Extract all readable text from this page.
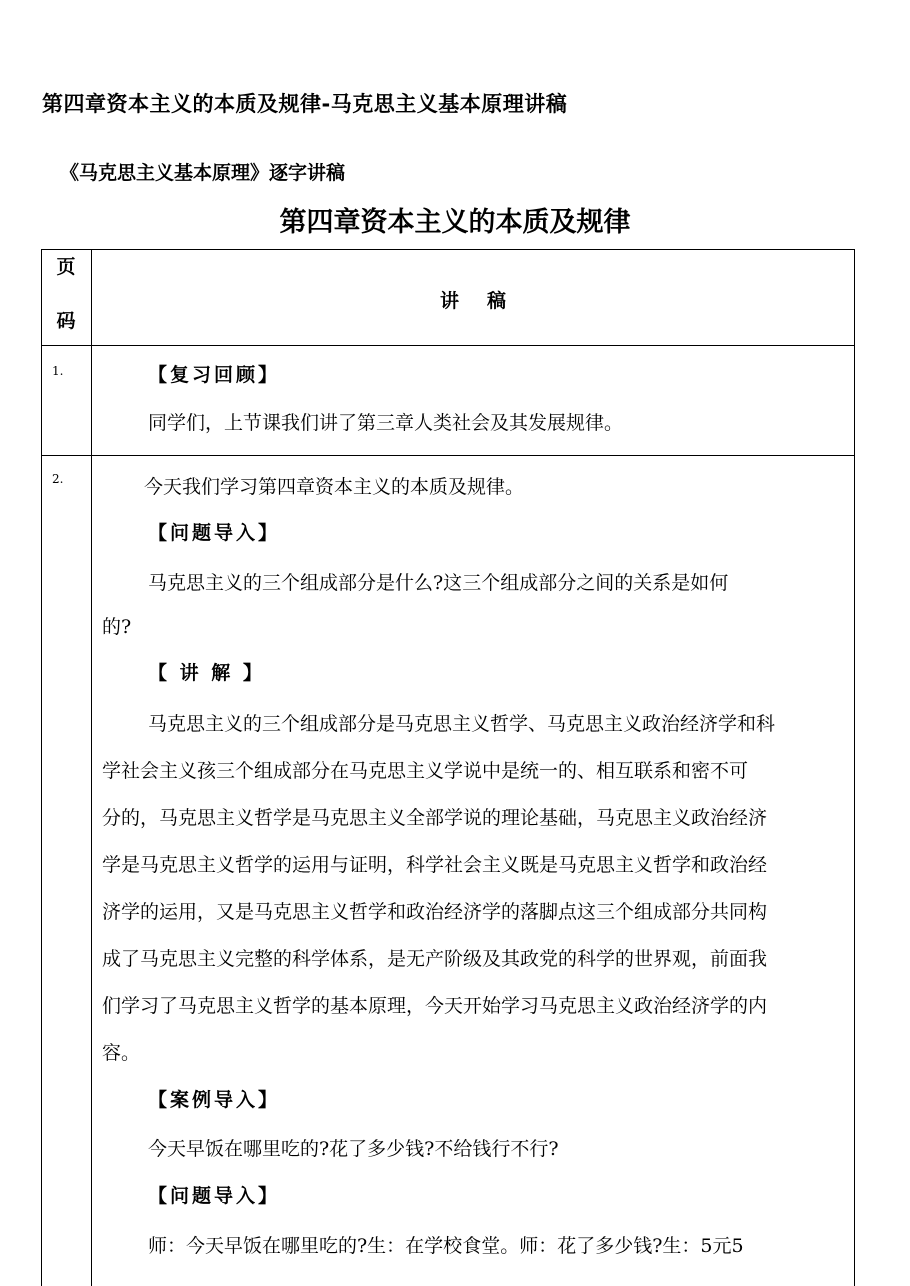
第四章资本主义的本质及规律-马克思主义基本原理讲稿
《马克思主义基本原理》逐字讲稿
第四章资本主义的本质及规律
页
码
讲稿
1.	【复习回顾】
同学们，上节课我们讲了第三章人类社会及其发展规律。
2.	今天我们学习第四章资本主义的本质及规律。
【问题导入】
马克思主义的三个组成部分是什么?这三个组成部分之间的关系是如何
的?
【 讲 解 】
马克思主义的三个组成部分是马克思主义哲学、马克思主义政治经济学和科
学社会主义孩三个组成部分在马克思主义学说中是统一的、相互联系和密不可
分的，马克思主义哲学是马克思主义全部学说的理论基础，马克思主义政治经济
学是马克思主义哲学的运用与证明，科学社会主义既是马克思主义哲学和政治经
济学的运用，又是马克思主义哲学和政治经济学的落脚点这三个组成部分共同构
成了马克思主义完整的科学体系，是无产阶级及其政党的科学的世界观，前面我
们学习了马克思主义哲学的基本原理，今天开始学习马克思主义政治经济学的内
容。
【案例导入】
今天早饭在哪里吃的?花了多少钱?不给钱行不行?
【问题导入】
师：今天早饭在哪里吃的?生：在学校食堂。师：花了多少钱?生：5元5
